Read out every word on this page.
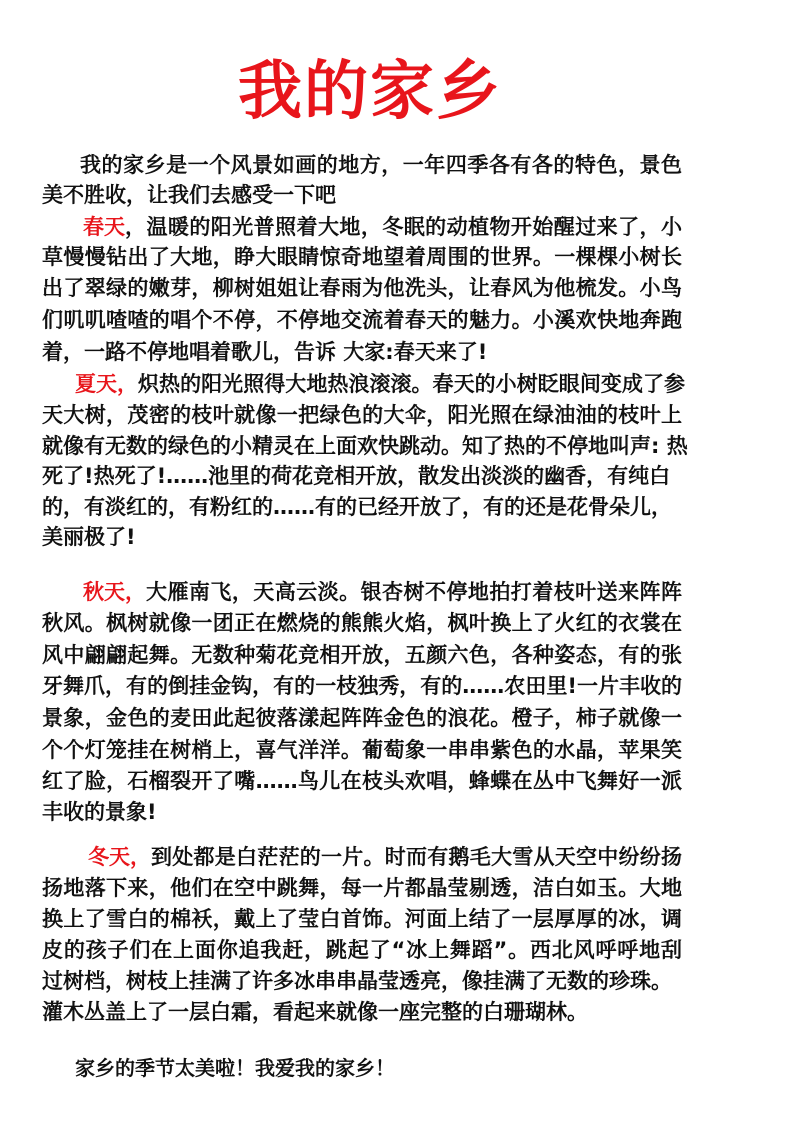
我的家乡
我的家乡是一个风景如画的地方，一年四季各有各的特色，景色
美不胜收，让我们去感受一下吧
春天 ，温暖的阳光普照着大地，冬眠的动植物开始醒过来了，小
草慢慢钻出了大地，睁大眼睛惊奇地望着周围的世界。一棵棵小树长
出了翠绿的嫩芽，柳树姐姐让春雨为他洗头，让春风为他梳发。小鸟
们叽叽喳喳的唱个不停，不停地交流着春天的魅力。小溪欢快地奔跑
着，一路不停地唱着歌儿，告诉 大家:春天来了!
夏天， 炽热的阳光照得大地热浪滚滚。春天的小树眨眼间变成了参
天大树，茂密的枝叶就像一把绿色的大伞，阳光照在绿油油的枝叶上
就像有无数的绿色的小精灵在上面欢快跳动。知了热的不停地叫声: 热
死了!热死了!……池里的荷花竞相开放，散发出淡淡的幽香，有纯白
的，有淡红的，有粉红的……有的已经开放了，有的还是花骨朵儿，
美丽极了!
秋天， 大雁南飞，天高云淡。银杏树不停地拍打着枝叶送来阵阵
秋风。枫树就像一团正在燃烧的熊熊火焰，枫叶换上了火红的衣裳在
风中翩翩起舞。无数种菊花竞相开放，五颜六色，各种姿态，有的张
牙舞爪，有的倒挂金钩，有的一枝独秀，有的……农田里!一片丰收的
景象，金色的麦田此起彼落漾起阵阵金色的浪花。橙子，柿子就像一
个个灯笼挂在树梢上，喜气洋洋。葡萄象一串串紫色的水晶，苹果笑
红了脸，石榴裂开了嘴……鸟儿在枝头欢唱，蜂蝶在丛中飞舞好一派
丰收的景象!
冬天， 到处都是白茫茫的一片。时而有鹅毛大雪从天空中纷纷扬
扬地落下来，他们在空中跳舞，每一片都晶莹剔透，洁白如玉。大地
换上了雪白的棉袄，戴上了莹白首饰。河面上结了一层厚厚的冰，调
皮的孩子们在上面你追我赶，跳起了“冰上舞蹈”。西北风呼呼地刮
过树档，树枝上挂满了许多冰串串晶莹透亮，像挂满了无数的珍珠。
灌木丛盖上了一层白霜，看起来就像一座完整的白珊瑚林。
家乡的季节太美啦！我爱我的家乡！
